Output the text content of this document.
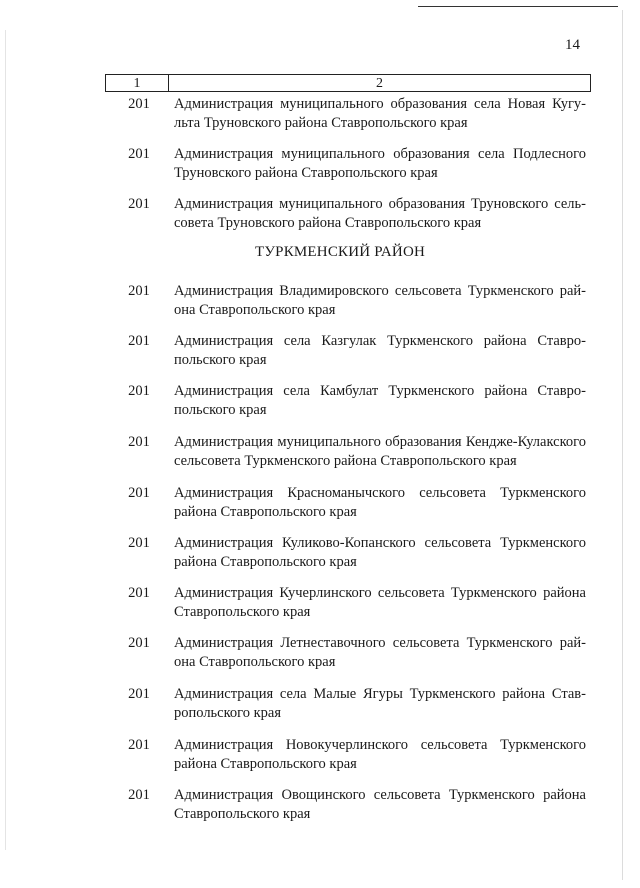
14
1	2
201	Администрация муниципального образования села Новая Кугульта Труновского района Ставропольского края
201	Администрация муниципального образования села Подлесного Труновского района Ставропольского края
201	Администрация муниципального образования Труновского сельсовета Труновского района Ставропольского края
ТУРКМЕНСКИЙ РАЙОН
201	Администрация Владимировского сельсовета Туркменского района Ставропольского края
201	Администрация села Казгулак Туркменского района Ставропольского края
201	Администрация села Камбулат Туркменского района Ставропольского края
201	Администрация муниципального образования Кендже-Кулакского сельсовета Туркменского района Ставропольского края
201	Администрация Красноманычского сельсовета Туркменского района Ставропольского края
201	Администрация Куликово-Копанского сельсовета Туркменского района Ставропольского края
201	Администрация Кучерлинского сельсовета Туркменского района Ставропольского края
201	Администрация Летнеставочного сельсовета Туркменского района Ставропольского края
201	Администрация села Малые Ягуры Туркменского района Ставропольского края
201	Администрация Новокучерлинского сельсовета Туркменского района Ставропольского края
201	Администрация Овощинского сельсовета Туркменского района Ставропольского края
